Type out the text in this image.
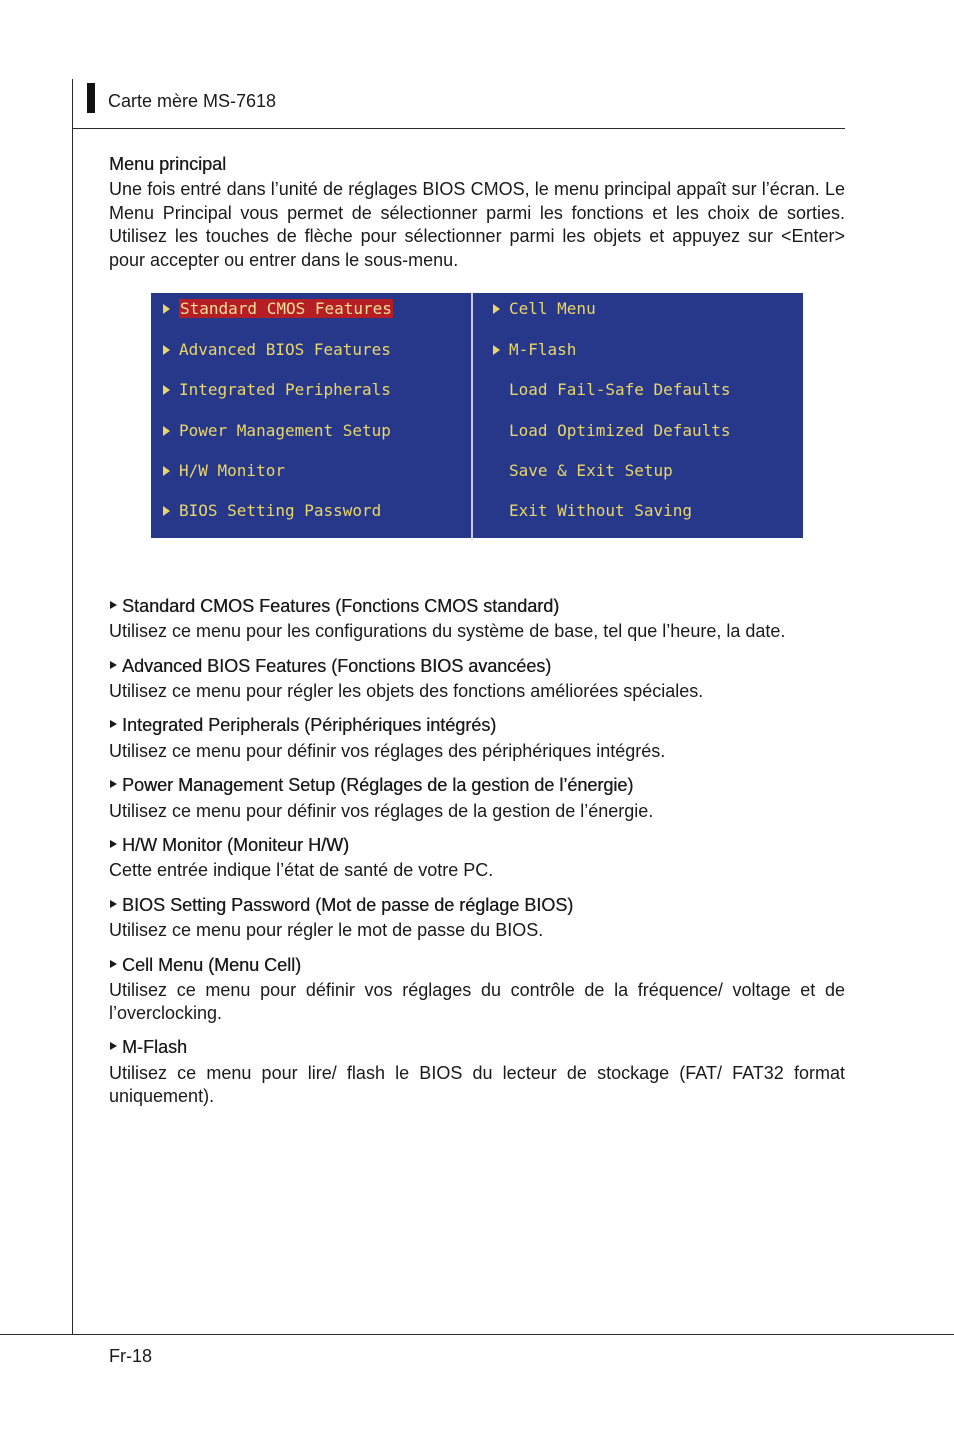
Carte mère MS-7618
Menu principal

Une fois entré dans l’unité de réglages BIOS CMOS, le menu principal appaît sur l’écran. Le Menu Principal vous permet de sélectionner parmi les fonctions et les choix de sorties. Utilisez les touches de flèche pour sélectionner parmi les objets et appuyez sur <Enter> pour accepter ou entrer dans le sous-menu.

Standard CMOS Features
Advanced BIOS Features
Integrated Peripherals
Power Management Setup
H/W Monitor
BIOS Setting Password
Cell Menu
M-Flash
Load Fail-Safe Defaults
Load Optimized Defaults
Save & Exit Setup
Exit Without Saving
Standard CMOS Features (Fonctions CMOS standard)

Utilisez ce menu pour les configurations du système de base, tel que l’heure, la date.

Advanced BIOS Features (Fonctions BIOS avancées)

Utilisez ce menu pour régler les objets des fonctions améliorées spéciales.

Integrated Peripherals (Périphériques intégrés)

Utilisez ce menu pour définir vos réglages des périphériques intégrés.

Power Management Setup (Réglages de la gestion de l’énergie)

Utilisez ce menu pour définir vos réglages de la gestion de l’énergie.

H/W Monitor (Moniteur H/W)

Cette entrée indique l’état de santé de votre PC.

BIOS Setting Password (Mot de passe de réglage BIOS)

Utilisez ce menu pour régler le mot de passe du BIOS.

Cell Menu (Menu Cell)

Utilisez ce menu pour définir vos réglages du contrôle de la fréquence/ voltage et de l’overclocking.

M-Flash

Utilisez ce menu pour lire/ flash le BIOS du lecteur de stockage (FAT/ FAT32 format uniquement).

Fr-18
